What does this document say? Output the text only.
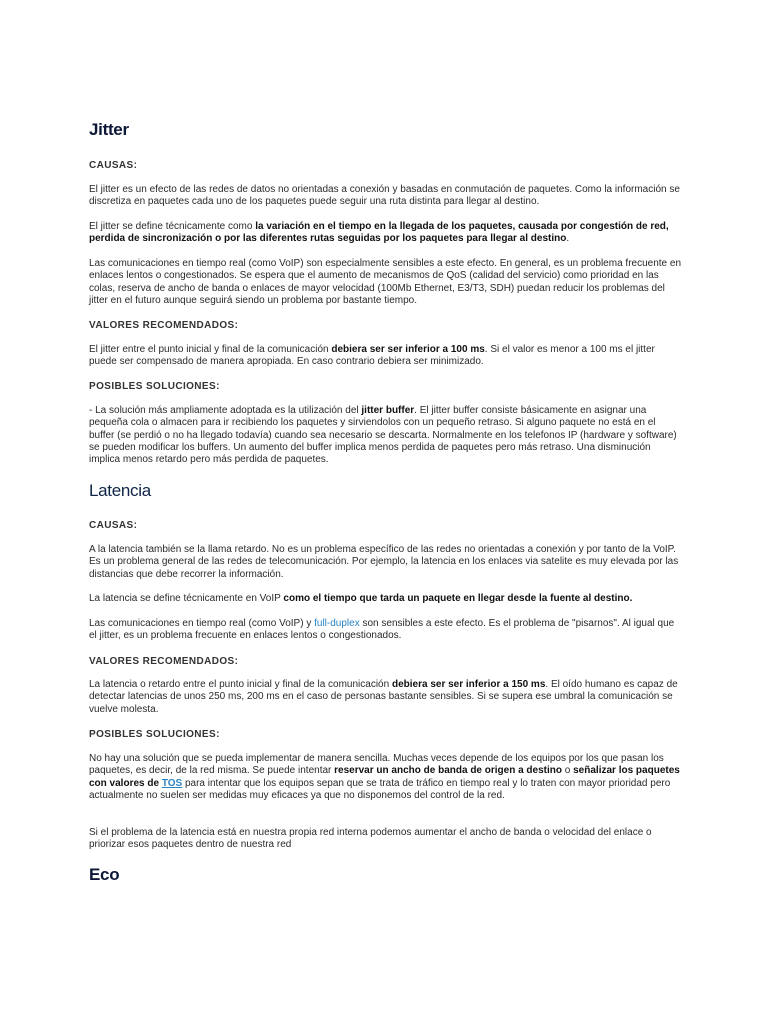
Jitter
CAUSAS:

El jitter es un efecto de las redes de datos no orientadas a conexión y basadas en conmutación de paquetes. Como la información se discretiza en paquetes cada uno de los paquetes puede seguir una ruta distinta para llegar al destino.

El jitter se define técnicamente como la variación en el tiempo en la llegada de los paquetes, causada por congestión de red, perdida de sincronización o por las diferentes rutas seguidas por los paquetes para llegar al destino.

Las comunicaciones en tiempo real (como VoIP) son especialmente sensibles a este efecto. En general, es un problema frecuente en enlaces lentos o congestionados. Se espera que el aumento de mecanismos de QoS (calidad del servicio) como prioridad en las colas, reserva de ancho de banda o enlaces de mayor velocidad (100Mb Ethernet, E3/T3, SDH) puedan reducir los problemas del jitter en el futuro aunque seguirá siendo un problema por bastante tiempo.

VALORES RECOMENDADOS:

El jitter entre el punto inicial y final de la comunicación debiera ser ser inferior a 100 ms. Si el valor es menor a 100 ms el jitter puede ser compensado de manera apropiada. En caso contrario debiera ser minimizado.

POSIBLES SOLUCIONES:

- La solución más ampliamente adoptada es la utilización del jitter buffer. El jitter buffer consiste básicamente en asignar una pequeña cola o almacen para ir recibiendo los paquetes y sirviendolos con un pequeño retraso. Si alguno paquete no está en el buffer (se perdió o no ha llegado todavía) cuando sea necesario se descarta. Normalmente en los telefonos IP (hardware y software) se pueden modificar los buffers. Un aumento del buffer implica menos perdida de paquetes pero más retraso. Una disminución implica menos retardo pero más perdida de paquetes.

Latencia
CAUSAS:

A la latencia también se la llama retardo. No es un problema específico de las redes no orientadas a conexión y por tanto de la VoIP. Es un problema general de las redes de telecomunicación. Por ejemplo, la latencia en los enlaces via satelite es muy elevada por las distancias que debe recorrer la información.

La latencia se define técnicamente en VoIP como el tiempo que tarda un paquete en llegar desde la fuente al destino.

Las comunicaciones en tiempo real (como VoIP) y full-duplex son sensibles a este efecto. Es el problema de "pisarnos". Al igual que el jitter, es un problema frecuente en enlaces lentos o congestionados.

VALORES RECOMENDADOS:

La latencia o retardo entre el punto inicial y final de la comunicación debiera ser ser inferior a 150 ms. El oído humano es capaz de detectar latencias de unos 250 ms, 200 ms en el caso de personas bastante sensibles. Si se supera ese umbral la comunicación se vuelve molesta.

POSIBLES SOLUCIONES:

No hay una solución que se pueda implementar de manera sencilla. Muchas veces depende de los equipos por los que pasan los paquetes, es decir, de la red misma. Se puede intentar reservar un ancho de banda de origen a destino o señalizar los paquetes con valores de TOS para intentar que los equipos sepan que se trata de tráfico en tiempo real y lo traten con mayor prioridad pero actualmente no suelen ser medidas muy eficaces ya que no disponemos del control de la red.

Si el problema de la latencia está en nuestra propia red interna podemos aumentar el ancho de banda o velocidad del enlace o priorizar esos paquetes dentro de nuestra red

Eco
